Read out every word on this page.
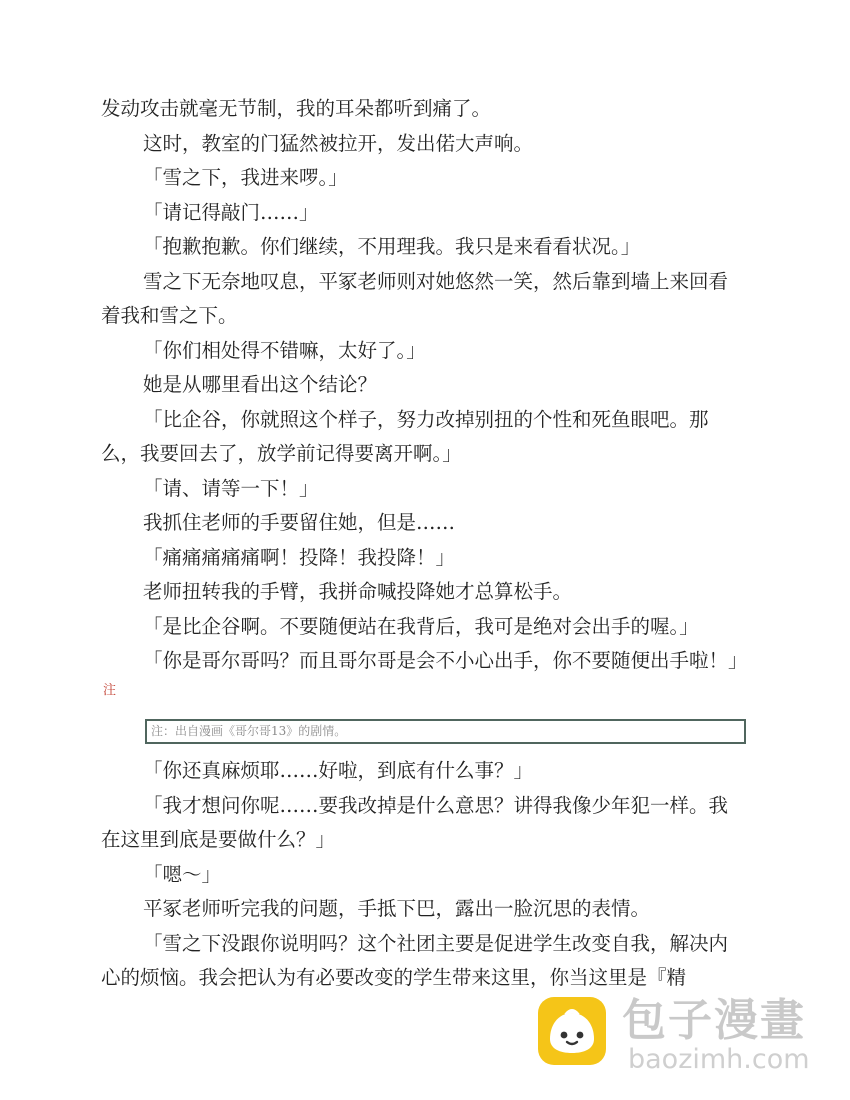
发动攻击就毫无节制，我的耳朵都听到痛了。

这时，教室的门猛然被拉开，发出偌大声响。

「雪之下，我进来啰。」

「请记得敲门……」

「抱歉抱歉。你们继续，不用理我。我只是来看看状况。」

雪之下无奈地叹息，平冢老师则对她悠然一笑，然后靠到墙上来回看着我和雪之下。

「你们相处得不错嘛，太好了。」

她是从哪里看出这个结论？

「比企谷，你就照这个样子，努力改掉别扭的个性和死鱼眼吧。那么，我要回去了，放学前记得要离开啊。」

「请、请等一下！」

我抓住老师的手要留住她，但是……

「痛痛痛痛痛啊！投降！我投降！」

老师扭转我的手臂，我拼命喊投降她才总算松手。

「是比企谷啊。不要随便站在我背后，我可是绝对会出手的喔。」

「你是哥尔哥吗？而且哥尔哥是会不小心出手，你不要随便出手啦！」$^注$

注：出自漫画《哥尔哥13》的剧情。

「你还真麻烦耶……好啦，到底有什么事？」

「我才想问你呢……要我改掉是什么意思？讲得我像少年犯一样。我在这里到底是要做什么？」

「嗯～」

平冢老师听完我的问题，手抵下巴，露出一脸沉思的表情。

「雪之下没跟你说明吗？这个社团主要是促进学生改变自我，解决内心的烦恼。我会把认为有必要改变的学生带来这里，你当这里是『精

包子漫畫
baozimh.com
